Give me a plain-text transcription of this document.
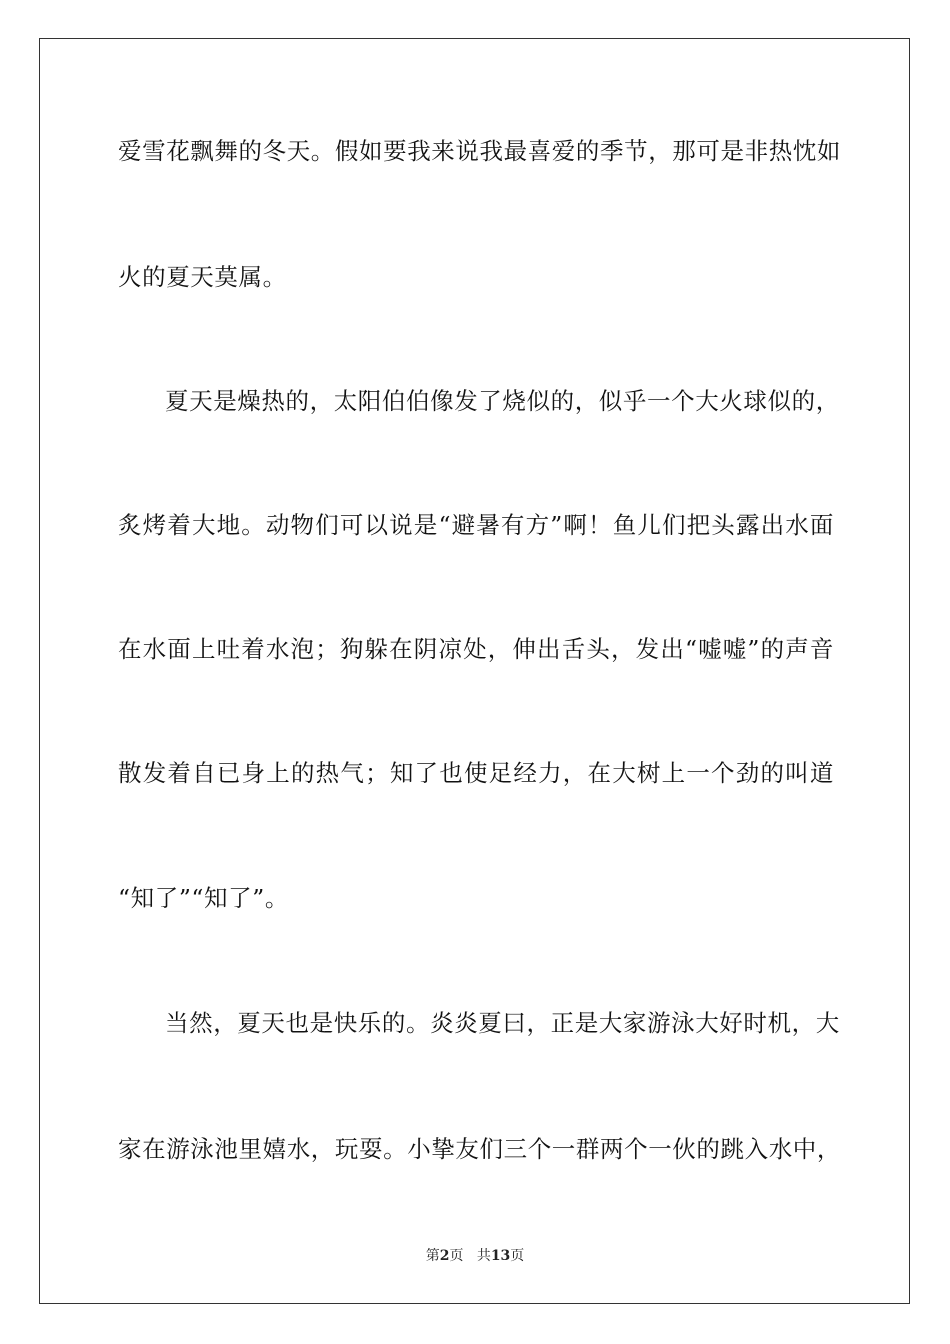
爱雪花飘舞的冬天。假如要我来说我最喜爱的季节，那可是非热忱如
火的夏天莫属。
夏天是燥热的，太阳伯伯像发了烧似的，似乎一个大火球似的，
炙烤着大地。动物们可以说是“避暑有方”啊！鱼儿们把头露出水面
在水面上吐着水泡；狗躲在阴凉处，伸出舌头，发出“嘘嘘”的声音
散发着自已身上的热气；知了也使足经力，在大树上一个劲的叫道
“知了”“知了”。
当然，夏天也是快乐的。炎炎夏曰，正是大家游泳大好时机，大
家在游泳池里嬉水，玩耍。小挚友们三个一群两个一伙的跳入水中，
第2页 共13页
